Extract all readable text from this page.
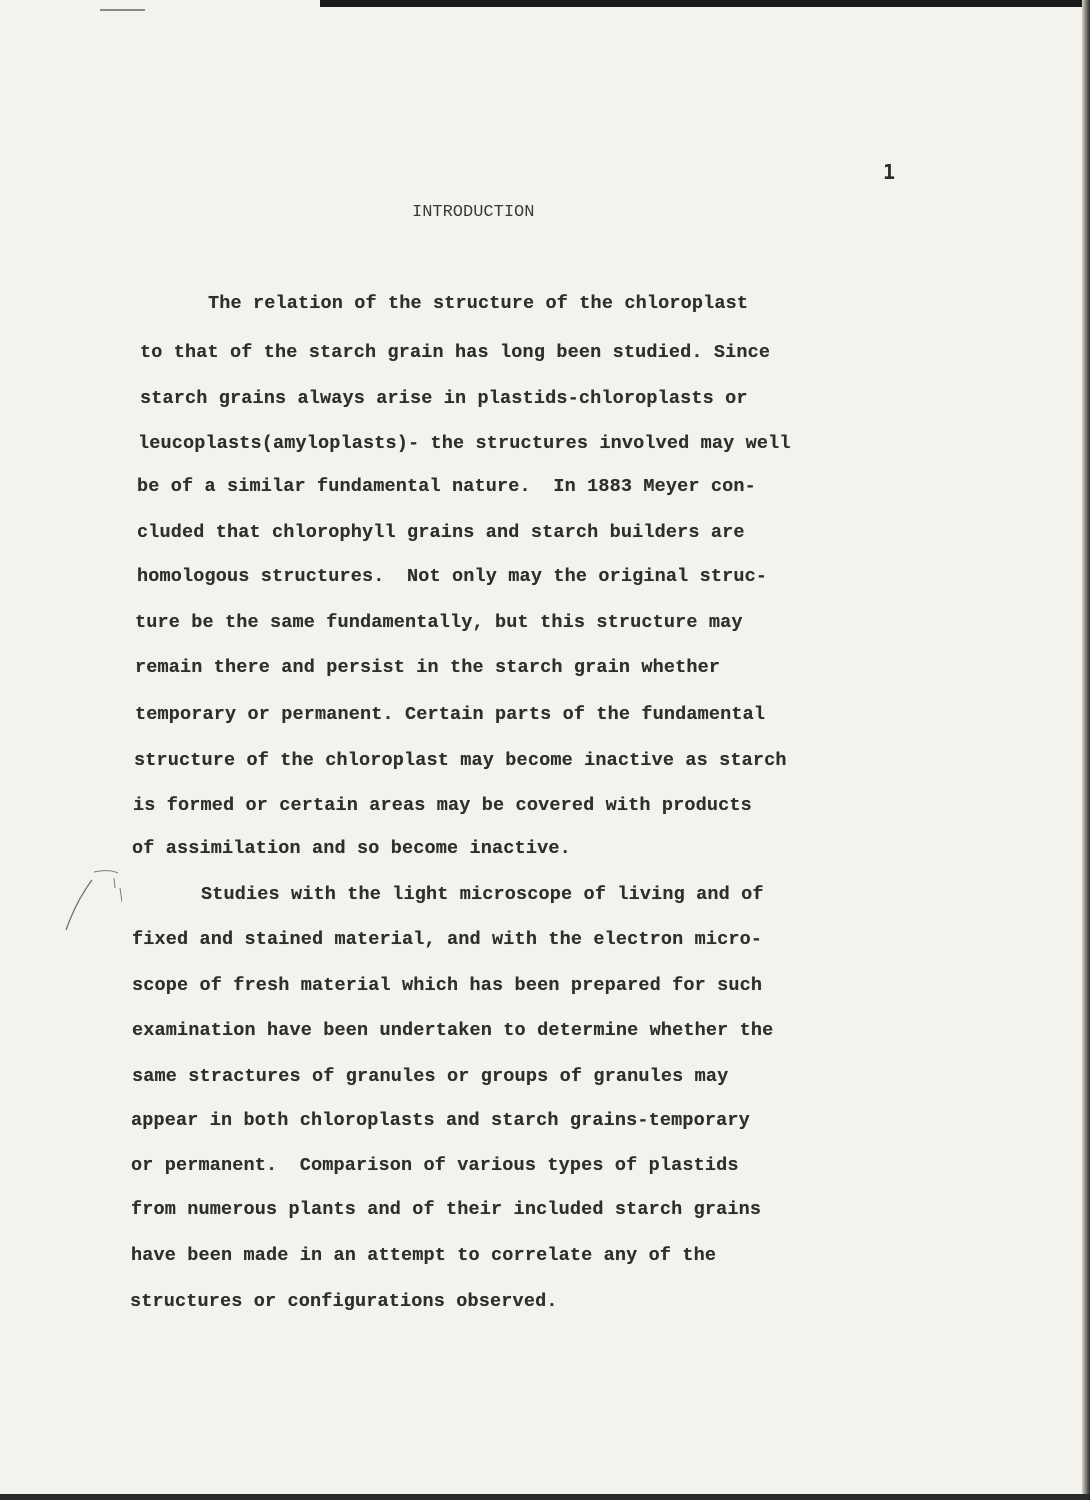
1
INTRODUCTION
The relation of the structure of the chloroplast
to that of the starch grain has long been studied. Since
starch grains always arise in plastids-chloroplasts or
leucoplasts(amyloplasts)- the structures involved may well
be of a similar fundamental nature.  In 1883 Meyer con-
cluded that chlorophyll grains and starch builders are
homologous structures.  Not only may the original struc-
ture be the same fundamentally, but this structure may
remain there and persist in the starch grain whether
temporary or permanent. Certain parts of the fundamental
structure of the chloroplast may become inactive as starch
is formed or certain areas may be covered with products
of assimilation and so become inactive.
Studies with the light microscope of living and of
fixed and stained material, and with the electron micro-
scope of fresh material which has been prepared for such
examination have been undertaken to determine whether the
same stractures of granules or groups of granules may
appear in both chloroplasts and starch grains-temporary
or permanent.  Comparison of various types of plastids
from numerous plants and of their included starch grains
have been made in an attempt to correlate any of the
structures or configurations observed.
